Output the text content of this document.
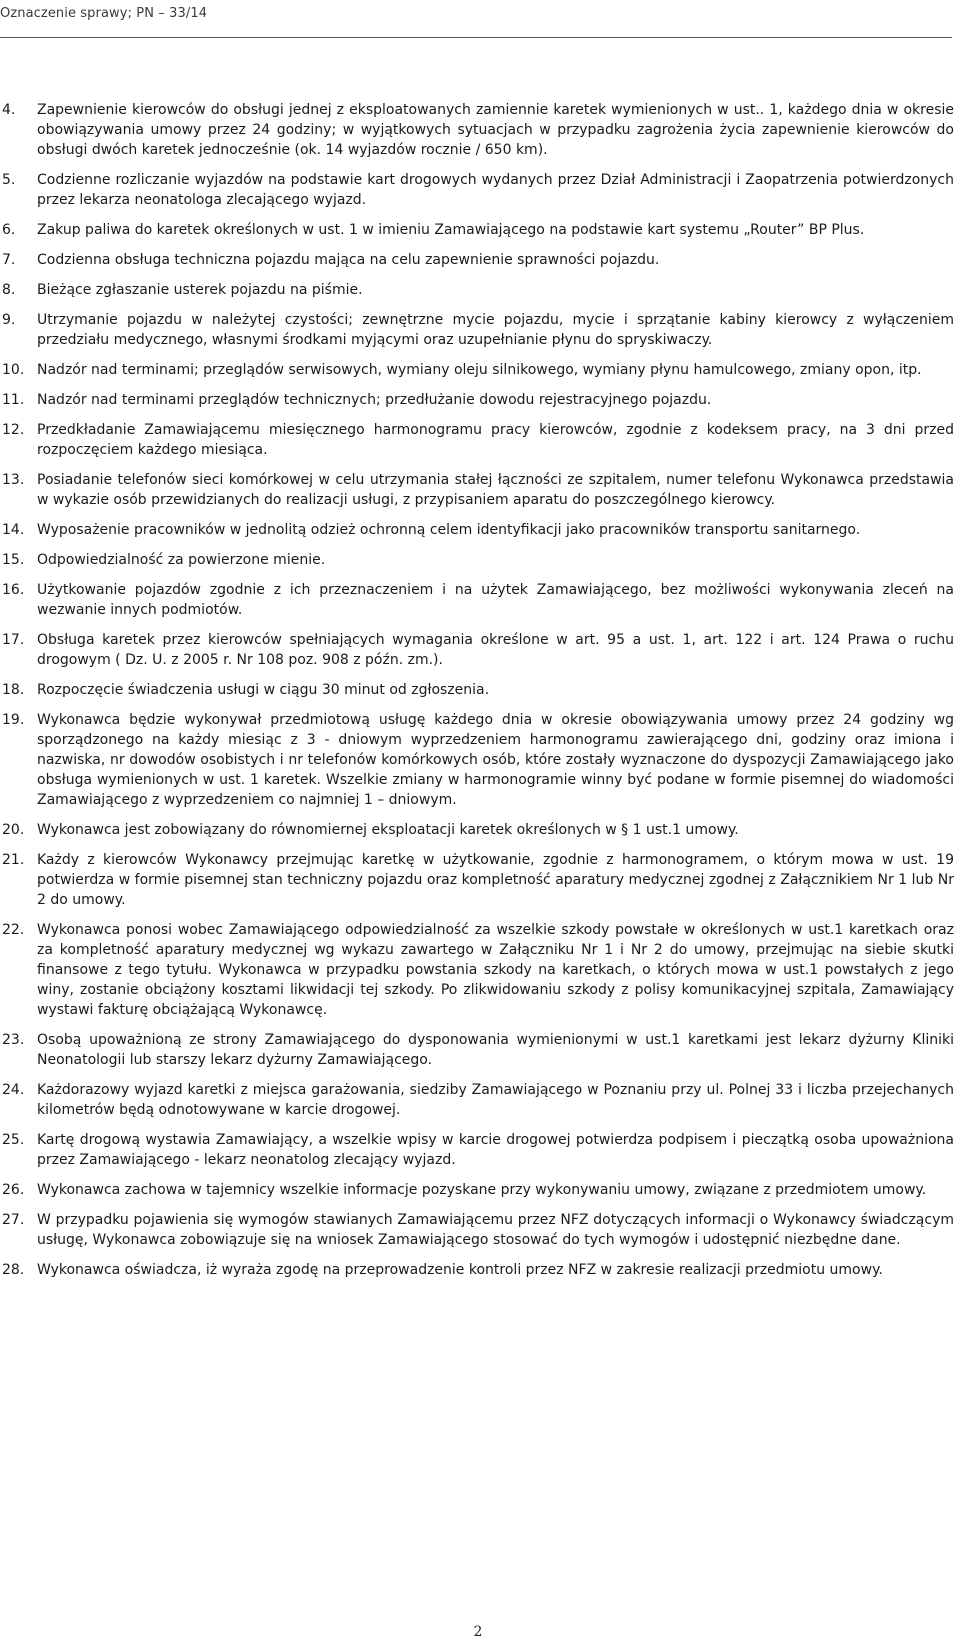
Oznaczenie sprawy; PN – 33/14
4.	Zapewnienie kierowców do obsługi jednej z eksploatowanych zamiennie karetek wymienionych w ust.. 1, każdego dnia w okresie obowiązywania umowy przez 24 godziny; w wyjątkowych sytuacjach w przypadku zagrożenia życia zapewnienie kierowców do obsługi dwóch karetek jednocześnie (ok. 14 wyjazdów rocznie / 650 km).
5.	Codzienne rozliczanie wyjazdów na podstawie kart drogowych wydanych przez Dział Administracji i Zaopatrzenia potwierdzonych przez lekarza neonatologa zlecającego wyjazd.
6.	Zakup paliwa do karetek określonych w ust. 1 w imieniu Zamawiającego na podstawie kart systemu „Router” BP Plus.
7.	Codzienna obsługa techniczna pojazdu mająca na celu zapewnienie sprawności pojazdu.
8.	Bieżące zgłaszanie usterek pojazdu na piśmie.
9.	Utrzymanie pojazdu w należytej czystości; zewnętrzne mycie pojazdu, mycie i sprzątanie kabiny kierowcy z wyłączeniem przedziału medycznego, własnymi środkami myjącymi oraz uzupełnianie płynu do spryskiwaczy.
10. Nadzór nad terminami; przeglądów serwisowych, wymiany oleju silnikowego, wymiany płynu hamulcowego, zmiany opon, itp.
11. Nadzór nad terminami przeglądów technicznych; przedłużanie dowodu rejestracyjnego pojazdu.
12. Przedkładanie Zamawiającemu miesięcznego harmonogramu pracy kierowców, zgodnie z kodeksem pracy, na 3 dni przed rozpoczęciem każdego miesiąca.
13. Posiadanie telefonów sieci komórkowej w celu utrzymania stałej łączności ze szpitalem, numer telefonu Wykonawca przedstawia w wykazie osób przewidzianych do realizacji usługi, z przypisaniem aparatu do poszczególnego kierowcy.
14. Wyposażenie pracowników w jednolitą odzież ochronną celem identyfikacji jako pracowników transportu sanitarnego.
15. Odpowiedzialność za powierzone mienie.
16. Użytkowanie pojazdów zgodnie z ich przeznaczeniem i na użytek Zamawiającego, bez możliwości wykonywania zleceń na wezwanie innych podmiotów.
17. Obsługa karetek przez kierowców spełniających wymagania określone w art. 95 a ust. 1, art. 122 i art. 124 Prawa o ruchu drogowym ( Dz. U. z 2005 r. Nr 108 poz. 908 z późn. zm.).
18. Rozpoczęcie świadczenia usługi w ciągu 30 minut od zgłoszenia.
19. Wykonawca będzie wykonywał przedmiotową usługę każdego dnia w okresie obowiązywania umowy przez 24 godziny wg sporządzonego na każdy miesiąc z 3 - dniowym wyprzedzeniem harmonogramu zawierającego dni, godziny oraz imiona i nazwiska, nr dowodów osobistych i nr telefonów komórkowych osób, które zostały wyznaczone do dyspozycji Zamawiającego jako obsługa wymienionych w ust. 1 karetek. Wszelkie zmiany w harmonogramie winny być podane w formie pisemnej do wiadomości Zamawiającego z wyprzedzeniem co najmniej 1 – dniowym.
20. Wykonawca jest zobowiązany do równomiernej eksploatacji karetek określonych w § 1 ust.1 umowy.
21. Każdy z kierowców Wykonawcy przejmując karetkę w użytkowanie, zgodnie z harmonogramem, o którym mowa w ust. 19 potwierdza w formie pisemnej stan techniczny pojazdu oraz kompletność aparatury medycznej zgodnej z Załącznikiem Nr 1 lub Nr 2 do umowy.
22. Wykonawca ponosi wobec Zamawiającego odpowiedzialność za wszelkie szkody powstałe w określonych w ust.1 karetkach oraz za kompletność aparatury medycznej wg wykazu zawartego w Załączniku Nr 1 i Nr 2 do umowy, przejmując na siebie skutki finansowe z tego tytułu. Wykonawca w przypadku powstania szkody na karetkach, o których mowa w ust.1 powstałych z jego winy, zostanie obciążony kosztami likwidacji tej szkody. Po zlikwidowaniu szkody z polisy komunikacyjnej szpitala, Zamawiający wystawi fakturę obciążającą Wykonawcę.
23. Osobą upoważnioną ze strony Zamawiającego do dysponowania wymienionymi w ust.1 karetkami jest lekarz dyżurny Kliniki Neonatologii lub starszy lekarz dyżurny Zamawiającego.
24. Każdorazowy wyjazd karetki z miejsca garażowania, siedziby Zamawiającego w Poznaniu przy ul. Polnej 33 i liczba przejechanych kilometrów będą odnotowywane w karcie drogowej.
25. Kartę drogową wystawia Zamawiający, a wszelkie wpisy w karcie drogowej potwierdza podpisem i pieczątką osoba upoważniona przez Zamawiającego - lekarz neonatolog zlecający wyjazd.
26. Wykonawca zachowa w tajemnicy wszelkie informacje pozyskane przy wykonywaniu umowy, związane z przedmiotem umowy.
27. W przypadku pojawienia się wymogów stawianych Zamawiającemu przez NFZ dotyczących informacji o Wykonawcy świadczącym usługę, Wykonawca zobowiązuje się na wniosek Zamawiającego stosować do tych wymogów i udostępnić niezbędne dane.
28. Wykonawca oświadcza, iż wyraża zgodę na przeprowadzenie kontroli przez NFZ w zakresie realizacji przedmiotu umowy.
2
